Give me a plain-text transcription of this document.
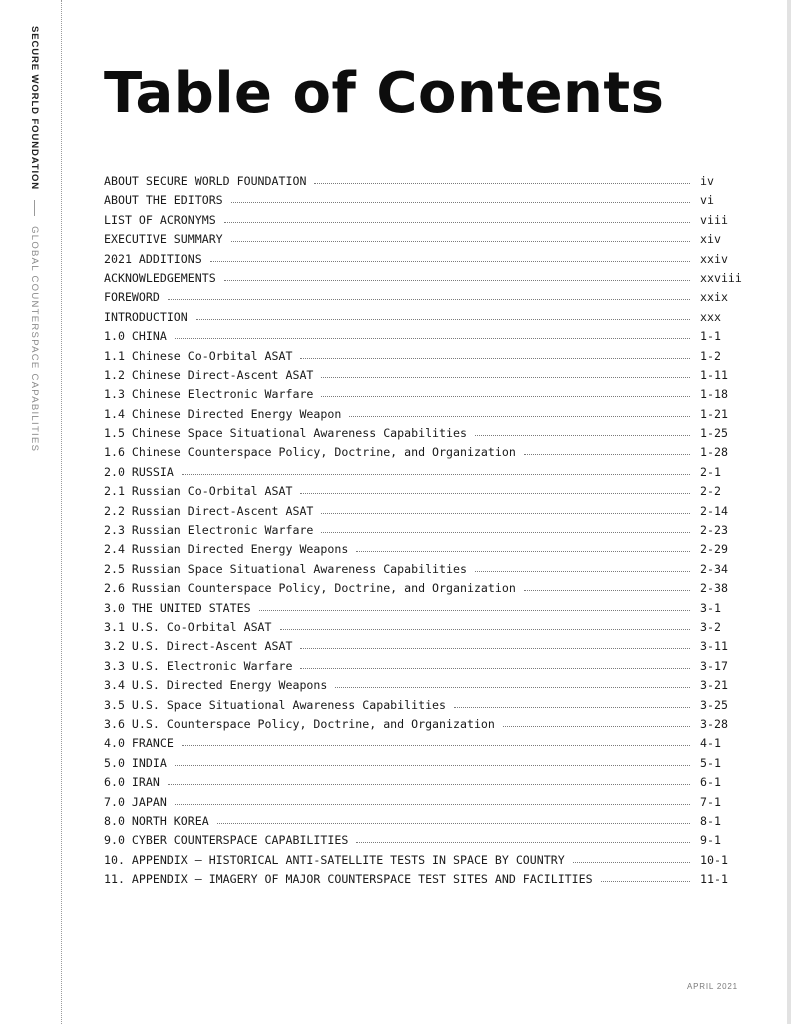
SECURE WORLD FOUNDATION
GLOBAL COUNTERSPACE CAPABILITIES
Table of Contents
ABOUT SECURE WORLD FOUNDATION	iv
ABOUT THE EDITORS	vi
LIST OF ACRONYMS	viii
EXECUTIVE SUMMARY	xiv
2021 ADDITIONS	xxiv
ACKNOWLEDGEMENTS	xxviii
FOREWORD	xxix
INTRODUCTION	xxx
1.0 CHINA	1-1
1.1 Chinese Co-Orbital ASAT	1-2
1.2 Chinese Direct-Ascent ASAT	1-11
1.3 Chinese Electronic Warfare	1-18
1.4 Chinese Directed Energy Weapon	1-21
1.5 Chinese Space Situational Awareness Capabilities	1-25
1.6 Chinese Counterspace Policy, Doctrine, and Organization	1-28
2.0 RUSSIA	2-1
2.1 Russian Co-Orbital ASAT	2-2
2.2 Russian Direct-Ascent ASAT	2-14
2.3 Russian Electronic Warfare	2-23
2.4 Russian Directed Energy Weapons	2-29
2.5 Russian Space Situational Awareness Capabilities	2-34
2.6 Russian Counterspace Policy, Doctrine, and Organization	2-38
3.0 THE UNITED STATES	3-1
3.1 U.S. Co-Orbital ASAT	3-2
3.2 U.S. Direct-Ascent ASAT	3-11
3.3 U.S. Electronic Warfare	3-17
3.4 U.S. Directed Energy Weapons	3-21
3.5 U.S. Space Situational Awareness Capabilities	3-25
3.6 U.S. Counterspace Policy, Doctrine, and Organization	3-28
4.0 FRANCE	4-1
5.0 INDIA	5-1
6.0 IRAN	6-1
7.0 JAPAN	7-1
8.0 NORTH KOREA	8-1
9.0 CYBER COUNTERSPACE CAPABILITIES	9-1
10. APPENDIX – HISTORICAL ANTI-SATELLITE TESTS IN SPACE BY COUNTRY	10-1
11. APPENDIX – IMAGERY OF MAJOR COUNTERSPACE TEST SITES AND FACILITIES	11-1
APRIL 2021
